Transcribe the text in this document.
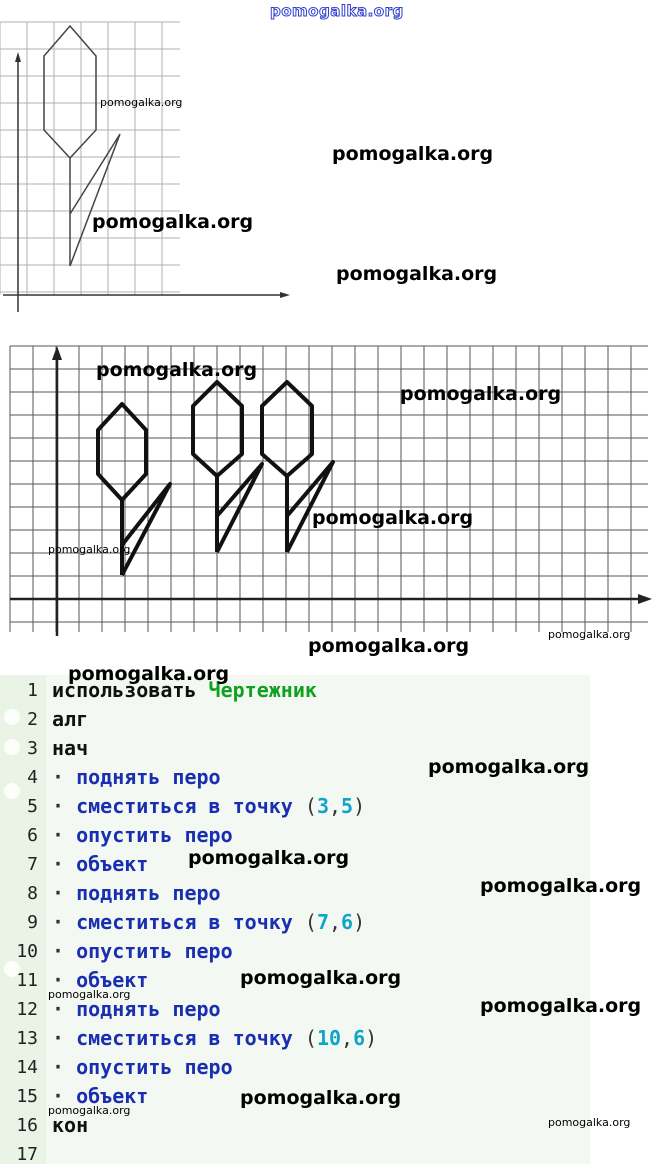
1
2
3
4
5
6
7
8
9
10
11
12
13
14
15
16
17
использовать Чертежник
алг
нач
· поднять перо
· сместиться в точку (3,5)
· опустить перо
· объект
· поднять перо
· сместиться в точку (7,6)
· опустить перо
· объект
· поднять перо
· сместиться в точку (10,6)
· опустить перо
· объект
кон
pomogalka.org
pomogalka.org
pomogalka.org
pomogalka.org
pomogalka.org
pomogalka.org
pomogalka.org
pomogalka.org
pomogalka.org
pomogalka.org
pomogalka.org
pomogalka.org
pomogalka.org
pomogalka.org
pomogalka.org
pomogalka.org
pomogalka.org
pomogalka.org
pomogalka.org
pomogalka.org
pomogalka.org
